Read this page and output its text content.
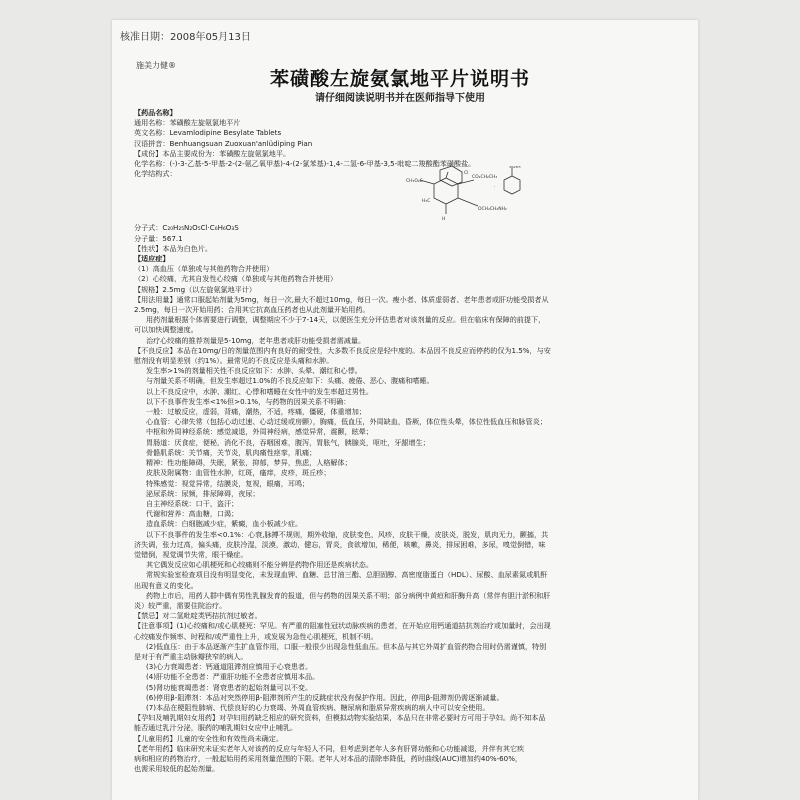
核准日期：2008年05月13日
施美力健®
苯磺酸左旋氨氯地平片说明书
请仔细阅读说明书并在医师指导下使用
【药品名称】
通用名称：苯磺酸左旋氨氯地平片
英文名称：Levamlodipine Besylate Tablets
汉语拼音：Benhuangsuan Zuoxuan'anlüdiping Pian
【成份】本品主要成份为：苯磺酸左旋氨氯地平。
化学名称：(-)-3-乙基-5-甲基-2-(2-氨乙氧甲基)-4-(2-氯苯基)-1,4-二氢-6-甲基-3,5-吡啶二羧酸酯苯磺酸盐。
化学结构式：
分子式：C₂₀H₂₅N₂O₅Cl·C₆H₆O₃S
分子量：567.1
【性状】本品为白色片。
【适应症】
（1）高血压（单独或与其他药物合并使用）
（2）心绞痛，尤其自发性心绞痛（单独或与其他药物合并使用）
【规格】2.5mg（以左旋氨氯地平计）
【用法用量】通常口服起始剂量为5mg，每日一次,最大不超过10mg，每日一次。瘦小者、体质虚弱者、老年患者或肝功能受损者从
2.5mg，每日一次开始用药；合用其它抗高血压药者也从此剂量开始用药。
用药剂量根据个体需要进行调整，调整期应不少于7-14天，以便医生充分评估患者对该剂量的反应。但在临床有保障的前提下，
可以加快调整速度。
治疗心绞痛的推荐剂量是5-10mg，老年患者或肝功能受损者需减量。
【不良反应】本品在10mg/日的剂量范围内有良好的耐受性，大多数不良反应是轻中度的。本品因不良反应而停药的仅为1.5%，与安
慰剂没有明显差别（约1%）。最常见的不良反应是头痛和水肿。
发生率>1%的剂量相关性不良反应如下：水肿、头晕、潮红和心悸。
与剂量关系不明确，但发生率超过1.0%的不良反应如下：头痛、疲倦、恶心、腹痛和嗜睡。
以上不良反应中，水肿、潮红、心悸和嗜睡在女性中的发生率超过男性。
以下不良事件发生率<1%但>0.1%，与药物的因果关系不明确：
一般：过敏反应，虚弱，背痛，潮热，不适，疼痛，僵硬，体重增加；
心血管：心律失常（包括心动过速、心动过缓或房颤），胸痛，低血压，外周缺血，昏厥，体位性头晕，体位性低血压和脉管炎；
中枢和外周神经系统：感觉减退，外周神经病，感觉异常，震颤，眩晕；
胃肠道：厌食症，便秘，消化不良，吞咽困难，腹泻，胃胀气，胰腺炎，呕吐，牙龈增生；
骨骼肌系统：关节痛，关节炎，肌肉痛性痉挛，肌痛；
精神：性功能障碍，失眠，紧张，抑郁，梦异，焦虑，人格解体；
皮肤及附属物：血管性水肿，红斑，瘙痒，皮疹，斑丘疹；
特殊感觉：视觉异常，结膜炎，复视，眼痛，耳鸣；
泌尿系统：尿频，排尿障碍，夜尿；
自主神经系统：口干，盗汗；
代谢和营养：高血糖，口渴；
造血系统：白细胞减少症，紫癜，血小板减少症。
以下不良事件的发生率<0.1%：心衰,脉搏不规则，期外收缩，皮肤变色，风疹，皮肤干燥，皮肤炎，脱发，肌肉无力，颤搐，共
济失调，张力过高，偏头痛，皮肤冷湿，淡漠，激动，健忘，胃炎，食欲增加，稀便，咳嗽，鼻炎，排尿困难，多尿，嗅觉倒错，味
觉错倒，视觉调节失常，眼干燥症。
其它偶发反应如心肌梗死和心绞痛则不能分辨是药物作用还是疾病状态。
常规实验室检查项目没有明显变化，未发现血钾、血糖、总甘油三酯、总胆固醇、高密度脂蛋白（HDL）、尿酸、血尿素氮或肌酐
出现有意义的变化。
药物上市后，用药人群中偶有男性乳腺发育的报道，但与药物的因果关系不明；部分病例中黄疸和肝酶升高（常伴有胆汁淤积和肝
炎）较严重，需要住院治疗。
【禁忌】对二氢吡啶类钙拮抗剂过敏者。
【注意事项】(1)心绞痛和/或心肌梗死：罕见。有严重的阻塞性冠状动脉疾病的患者，在开始应用钙通道拮抗剂治疗或加量时，会出现
心绞痛发作频率、时程和/或严重性上升，或发展为急性心肌梗死，机制不明。
(2)低血压：由于本品逐渐产生扩血管作用，口服一般很少出现急性低血压。但本品与其它外周扩血管药物合用时仍需谨慎，特别
是对于有严重主动脉瓣狭窄的病人。
(3)心力衰竭患者：钙通道阻滞剂应慎用于心衰患者。
(4)肝功能不全患者：严重肝功能不全患者应慎用本品。
(5)肾功能衰竭患者：肾衰患者的起始剂量可以不变。
(6)停用β-阻滞剂：本品对突然停用β-阻滞剂所产生的反跳症状没有保护作用。因此，停用β-阻滞剂仍需逐渐减量。
(7)本品在梗阻性肺病、代偿良好的心力衰竭、外周血管疾病、糖尿病和脂质异常疾病的病人中可以安全使用。
【孕妇及哺乳期妇女用药】对孕妇用药缺乏相应的研究资料，但模拟动物实验结果，本品只在非常必要时方可用于孕妇。尚不知本品
能否通过乳汁分泌，服药的哺乳期妇女应中止哺乳。
【儿童用药】儿童的安全性和有效性尚未确定。
【老年用药】临床研究未证实老年人对该药的反应与年轻人不同，但考虑到老年人多有肝肾功能和心功能减退，并伴有其它疾
病和相应的药物治疗，一般起始用药采用剂量范围的下限。老年人对本品的清除率降低，药时曲线(AUC)增加约40%-60%，
也需采用较低的起始剂量。
CH₃O₂C
CO₂CH₂CH₃
Cl
H
OCH₂CH₂NH₂
H₃C
·
SO₃H
